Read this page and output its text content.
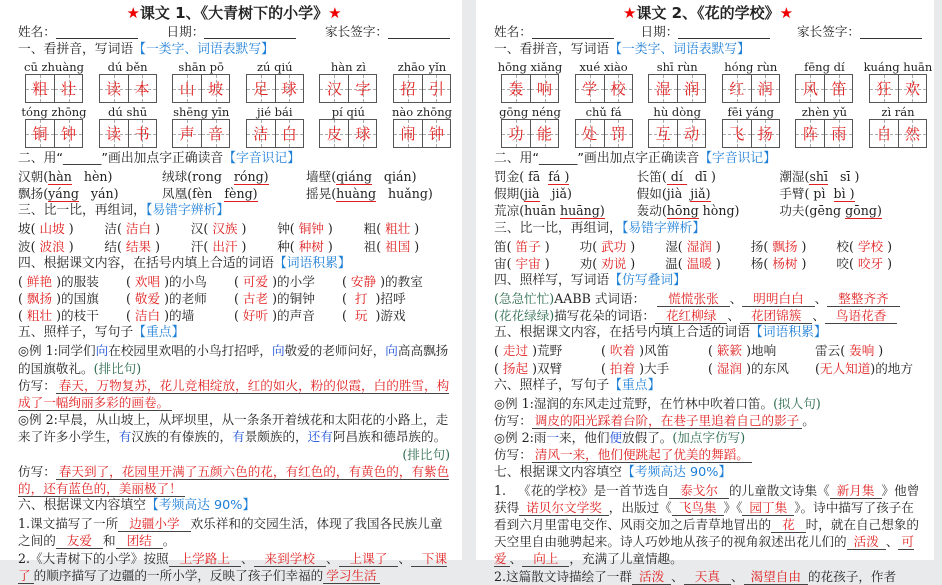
★课文 1、《大青树下的小学》★
姓名：	日期：	家长签字：
一、看拼音，写词语【一类字、词语表默写】
cū zhuàng
粗 壮
dú běn
读 本
shān pō
山 坡
zú qiú
足 球
hàn zì
汉 字
zhāo yǐn
招 引
tóng zhōng
铜 钟
dú shū
读 书
shēng yīn
声 音
jié bái
洁 白
pí qiú
皮 球
nào zhōng
闹 钟
二、用“______”画出加点字正确读音【字音识记】
汉朝(hàn   hèn)	绒球(rong   róng)	墙壁(qiáng   qián)
飘扬(yáng   yán)	凤凰(fèn   fèng)	摇晃(huàng   huǎng)
三、比一比，再组词，【易错字辨析】
坡( 山坡 )	洁( 洁白 )	汉( 汉族 )	钟( 铜钟 )	粗( 粗壮 )
波( 波浪 )	结( 结果 )	汗( 出汗 )	种( 种树 )	祖( 祖国 )
四、根据课文内容，在括号内填上合适的词语【词语积累】
( 鲜艳 )的服装	( 欢唱 )的小鸟	( 可爱 )的小学	( 安静 )的教室
( 飘扬 )的国旗	( 敬爱 )的老师	( 古老 )的铜钟	(  打  )招呼
( 粗壮 )的枝干	( 洁白 )的墙	( 好听 )的声音	(  玩  )游戏
五、照样子，写句子【重点】
◎例 1:同学们向在校园里欢唱的小鸟打招呼，向敬爱的老师问好，向高高飘扬的国旗敬礼。(排比句)
仿写： 春天，万物复苏，花儿竞相绽放，红的如火，粉的似霞，白的胜雪，构成了一幅绚丽多彩的画卷。
◎例 2:早晨，从山坡上，从坪坝里，从一条条开着绒花和太阳花的小路上，走来了许多小学生，有汉族的有傣族的，有景颇族的，还有阿昌族和德昂族的。
(排比句)
仿写： 春天到了，花园里开满了五颜六色的花，有红色的，有黄色的，有紫色的，还有蓝色的，美丽极了！
六、根据课文内容填空【考频高达 90%】
1.课文描写了一所  边疆小学  欢乐祥和的交园生活，体现了我国各民族儿童之间的  友爱  和  团结  。
2.《大青树下的小学》按照  上学路上  、  来到学校  、  上课了  、  下课了 的顺序描写了边疆的一所小学，反映了孩子们幸福的 学习生活
★课文 2、《花的学校》★
姓名：	日期：	家长签字：
一、看拼音，写词语【一类字、词语表默写】
hōng xiǎng
轰 响
xué xiào
学 校
shī rùn
湿 润
hóng rùn
红 润
fēng dí
风 笛
kuáng huān
狂 欢
gōng néng
功 能
chǔ fá
处 罚
hù dòng
互 动
fēi yáng
飞 扬
zhèn yǔ
阵 雨
zì rán
自 然
二、用“______”画出加点字正确读音【字音识记】
罚金( fā  fá )	长笛( dí   dī )	潮湿(shī   sī )
假期(jià   jiǎ)	假如(jià  jiǎ)	手臂( pì  bì )
荒凉(huān huāng)	轰动(hōng hòng)	功夫(gēng gōng)
三、比一比，再组词，【易错字辨析】
笛( 笛子 )	功( 武功 )	湿( 湿润 )	扬( 飘扬 )	校( 学校 )
宙( 宇宙 )	劝( 劝说 )	温( 温暖 )	杨( 杨树 )	咬( 咬牙 )
四、照样写，写词语【仿写叠词】
(急急忙忙)AABB 式词语：     慌慌张张  、  明明白白  、  整整齐齐
(花花绿绿)描写花朵的词语：  花红柳绿  、  花团锦簇  、  鸟语花香
五、根据课文内容，在括号内填上合适的词语【词语积累】
( 走过 )荒野	( 吹着 )风笛	( 簌簌 )地响	雷云( 轰响 )
( 扬起 )双臂	( 拍着 )大手	( 湿润 )的东风	(无人知道)的地方
六、照样子，写句子【重点】
◎例 1:湿润的东风走过荒野，在竹林中吹着口笛。(拟人句)
仿写： 调皮的阳光踩着台阶，在巷子里追着自己的影子 。
◎例 2:雨一来，他们便放假了。(加点字仿写)
仿写： 清风一来，他们便跳起了优美的舞蹈。
七、根据课文内容填空【考频高达 90%】
1.   《花的学校》是一首节选自  泰戈尔  的儿童散文诗集《 新月集 》他曾获得 诺贝尔文学奖 ，出版过《 飞鸟集 》《 园丁集 》。诗中描写了孩子在看到六月里雷电交作、风雨交加之后青草地冒出的  花  时，就在自己想象的天空里自由驰骋起来。诗人巧妙地从孩子的视角叙述出花儿们的 活泼 、 可爱 、  向上  ，充满了儿童情趣。
2.这篇散文诗描绘了一群 活泼 、  天真  、 渴望自由 的花孩子，作者
